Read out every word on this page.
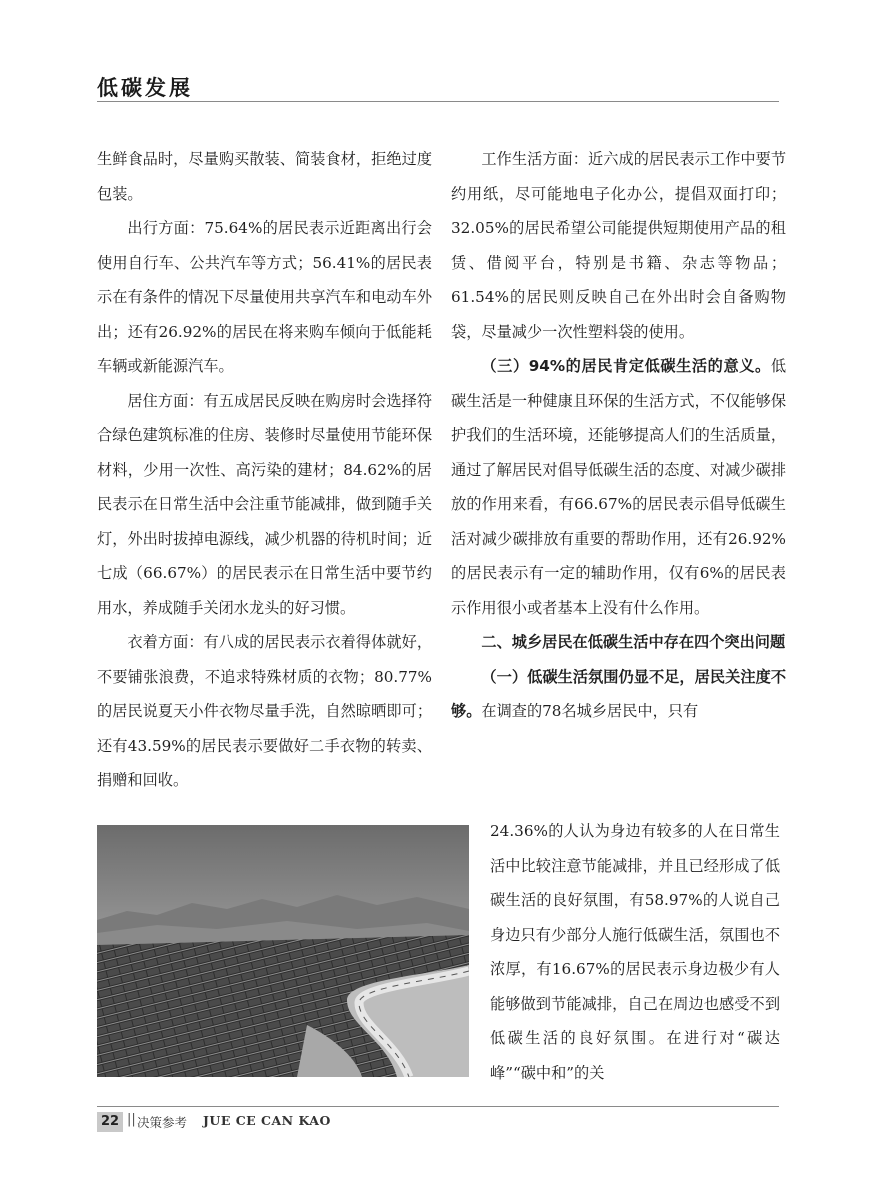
低碳发展

生鲜食品时，尽量购买散装、简装食材，拒绝过度包装。

出行方面：75.64%的居民表示近距离出行会使用自行车、公共汽车等方式；56.41%的居民表示在有条件的情况下尽量使用共享汽车和电动车外出；还有26.92%的居民在将来购车倾向于低能耗车辆或新能源汽车。

居住方面：有五成居民反映在购房时会选择符合绿色建筑标准的住房、装修时尽量使用节能环保材料，少用一次性、高污染的建材；84.62%的居民表示在日常生活中会注重节能减排，做到随手关灯，外出时拔掉电源线，减少机器的待机时间；近七成（66.67%）的居民表示在日常生活中要节约用水，养成随手关闭水龙头的好习惯。

衣着方面：有八成的居民表示衣着得体就好，不要铺张浪费，不追求特殊材质的衣物；80.77%的居民说夏天小件衣物尽量手洗，自然晾晒即可；还有43.59%的居民表示要做好二手衣物的转卖、捐赠和回收。

工作生活方面：近六成的居民表示工作中要节约用纸，尽可能地电子化办公，提倡双面打印；32.05%的居民希望公司能提供短期使用产品的租赁、借阅平台，特别是书籍、杂志等物品；61.54%的居民则反映自己在外出时会自备购物袋，尽量减少一次性塑料袋的使用。

（三）94%的居民肯定低碳生活的意义。低碳生活是一种健康且环保的生活方式，不仅能够保护我们的生活环境，还能够提高人们的生活质量，通过了解居民对倡导低碳生活的态度、对减少碳排放的作用来看，有66.67%的居民表示倡导低碳生活对减少碳排放有重要的帮助作用，还有26.92%的居民表示有一定的辅助作用，仅有6%的居民表示作用很小或者基本上没有什么作用。

二、城乡居民在低碳生活中存在四个突出问题

（一）低碳生活氛围仍显不足，居民关注度不够。在调查的78名城乡居民中，只有

24.36%的人认为身边有较多的人在日常生活中比较注意节能减排，并且已经形成了低碳生活的良好氛围，有58.97%的人说自己身边只有少部分人施行低碳生活，氛围也不浓厚，有16.67%的居民表示身边极少有人能够做到节能减排，自己在周边也感受不到低碳生活的良好氛围。在进行对“碳达峰”“碳中和”的关
22 || 决策参考 JUE CE CAN KAO
